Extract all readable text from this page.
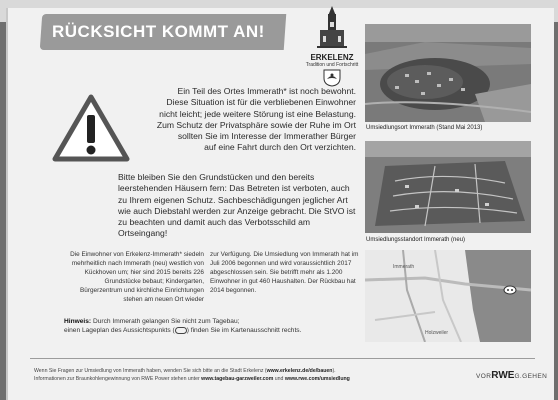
RÜCKSICHT KOMMT AN!
ERKELENZ
Tradition und Fortschritt
Umsiedlungsort Immerath (Stand Mai 2013)
Umsiedlungsstandort Immerath (neu)
Immerath
Holzweiler
Ein Teil des Ortes Immerath* ist noch bewohnt.
Diese Situation ist für die verbliebenen Einwohner
nicht leicht; jede weitere Störung ist eine Belastung.
Zum Schutz der Privatsphäre sowie der Ruhe im Ort
sollten Sie im Interesse der Immerather Bürger
auf eine Fahrt durch den Ort verzichten.
Bitte bleiben Sie den Grundstücken und den bereits leerstehenden Häusern fern: Das Betreten ist verboten, auch zu Ihrem eigenen Schutz. Sachbeschädigungen jeglicher Art wie auch Diebstahl werden zur Anzeige gebracht. Die StVO ist zu beachten und damit auch das Verbotsschild am Ortseingang!
Die Einwohner von Erkelenz-Immerath* siedeln mehrheitlich nach Immerath (neu) westlich von Kückhoven um; hier sind 2015 bereits 226 Grundstücke bebaut; Kindergarten, Bürgerzentrum und kirchliche Einrichtungen stehen am neuen Ort wieder
zur Verfügung. Die Umsiedlung von Immerath hat im Juli 2006 begonnen und wird voraussichtlich 2017 abgeschlossen sein. Sie betrifft mehr als 1.200 Einwohner in gut 460 Haushalten. Der Rückbau hat 2014 begonnen.
Hinweis: Durch Immerath gelangen Sie nicht zum Tagebau;
einen Lageplan des Aussichtspunkts ( ) finden Sie im Kartenausschnitt rechts.
Wenn Sie Fragen zur Umsiedlung von Immerath haben, wenden Sie sich bitte an die Stadt Erkelenz (www.erkelenz.de/de/bauen).
Informationen zur Braunkohlengewinnung von RWE Power stehen unter www.tagebau-garzweiler.com und www.rwe.com/umsiedlung	VORRWEG.GEHEN
